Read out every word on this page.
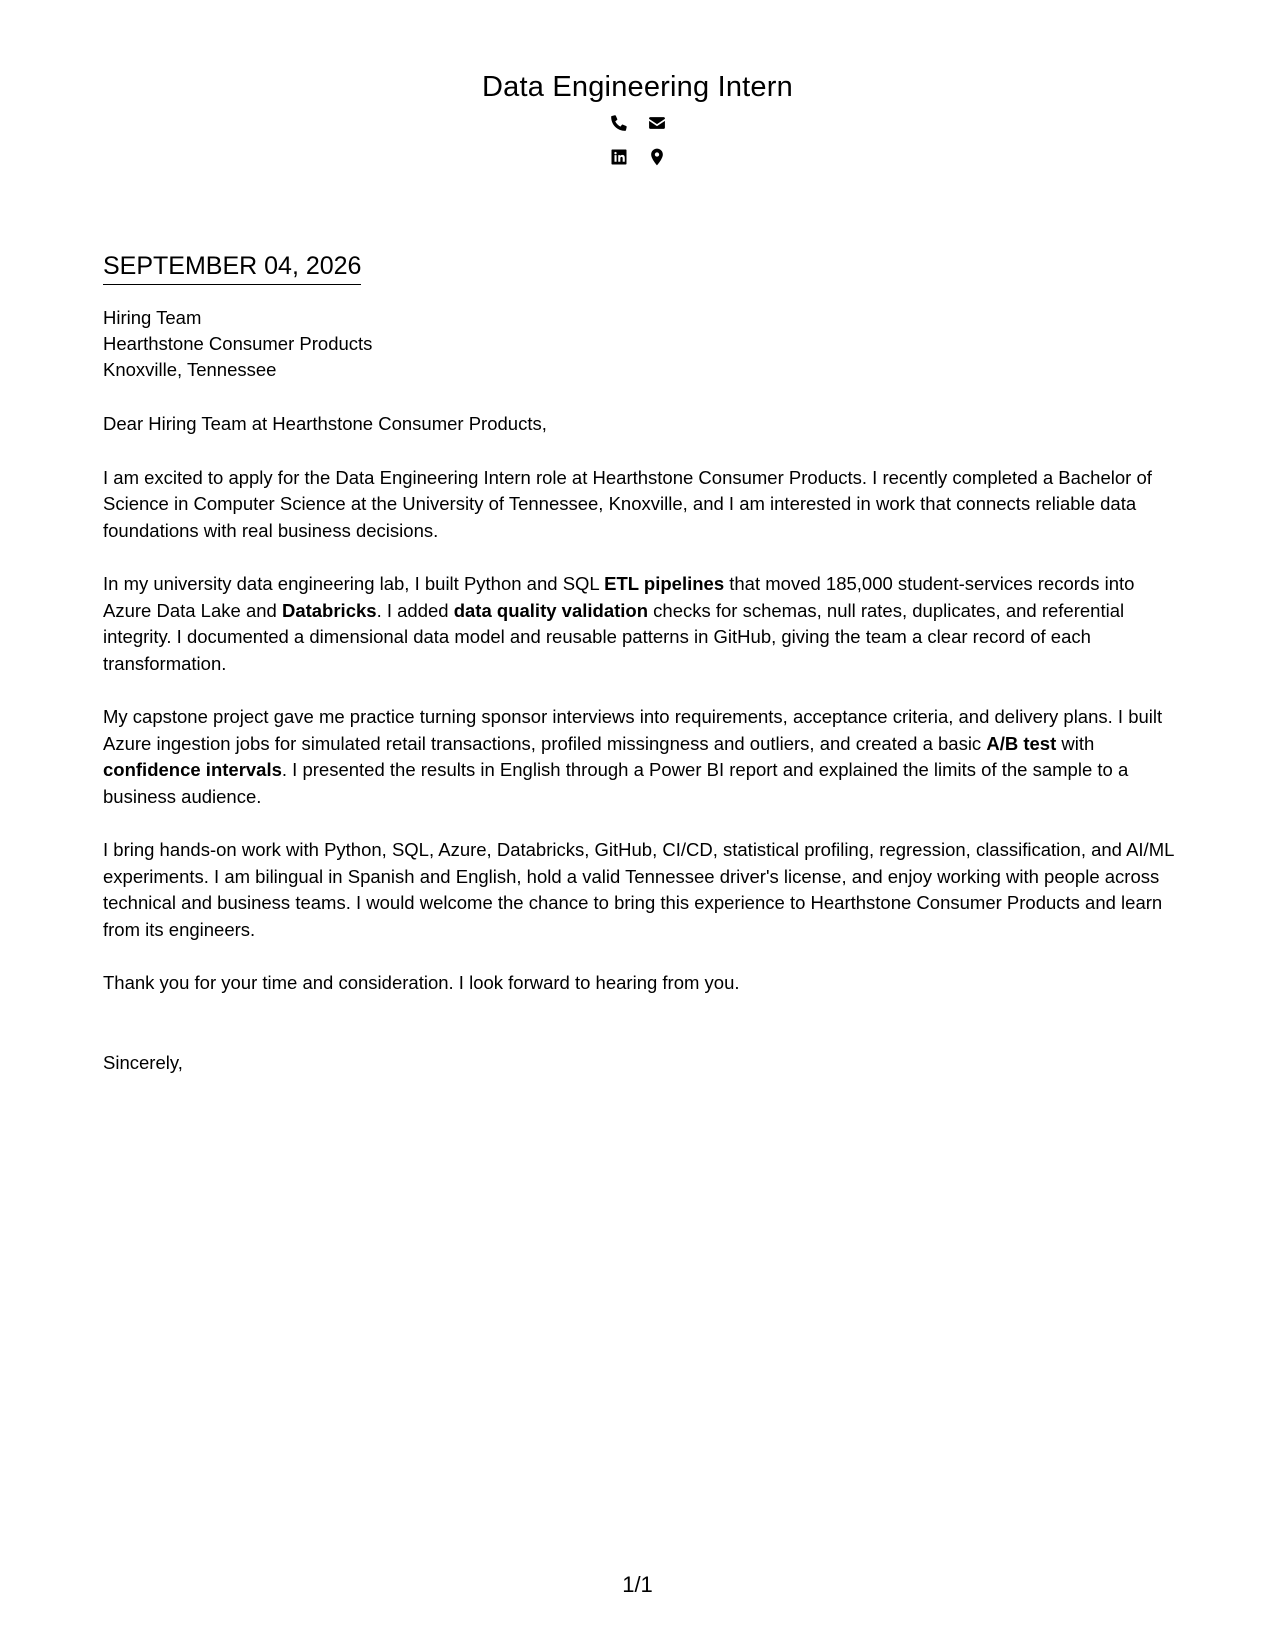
Data Engineering Intern
SEPTEMBER 04, 2026
Hiring Team
Hearthstone Consumer Products
Knoxville, Tennessee

Dear Hiring Team at Hearthstone Consumer Products,

I am excited to apply for the Data Engineering Intern role at Hearthstone Consumer Products. I recently completed a Bachelor of Science in Computer Science at the University of Tennessee, Knoxville, and I am interested in work that connects reliable data foundations with real business decisions.

In my university data engineering lab, I built Python and SQL ETL pipelines that moved 185,000 student-services records into Azure Data Lake and Databricks. I added data quality validation checks for schemas, null rates, duplicates, and referential integrity. I documented a dimensional data model and reusable patterns in GitHub, giving the team a clear record of each transformation.

My capstone project gave me practice turning sponsor interviews into requirements, acceptance criteria, and delivery plans. I built Azure ingestion jobs for simulated retail transactions, profiled missingness and outliers, and created a basic A/B test with confidence intervals. I presented the results in English through a Power BI report and explained the limits of the sample to a business audience.

I bring hands-on work with Python, SQL, Azure, Databricks, GitHub, CI/CD, statistical profiling, regression, classification, and AI/ML experiments. I am bilingual in Spanish and English, hold a valid Tennessee driver's license, and enjoy working with people across technical and business teams. I would welcome the chance to bring this experience to Hearthstone Consumer Products and learn from its engineers.

Thank you for your time and consideration. I look forward to hearing from you.

Sincerely,

1/1
